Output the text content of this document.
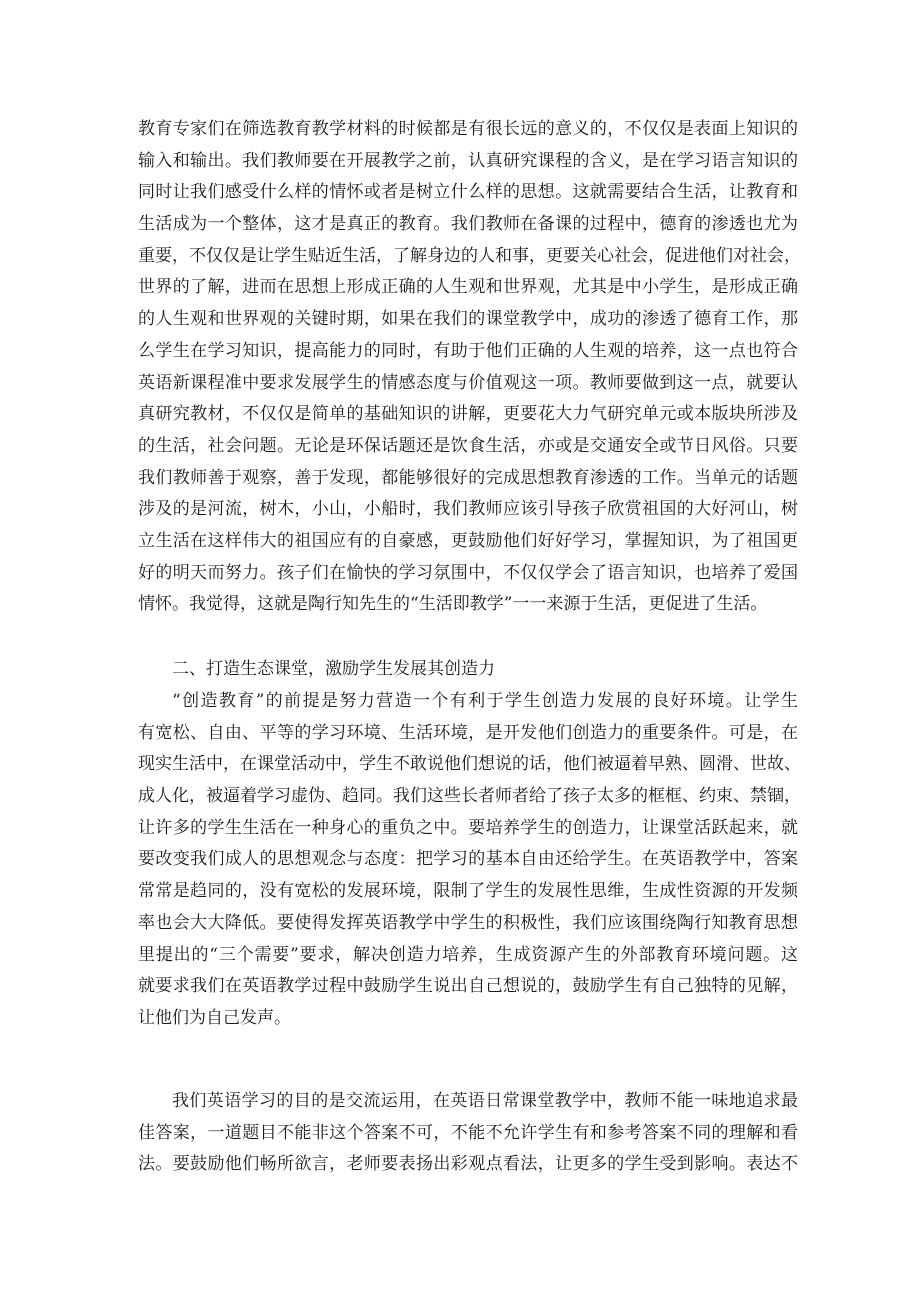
教育专家们在筛选教育教学材料的时候都是有很长远的意义的，不仅仅是表面上知识的
输入和输出。我们教师要在开展教学之前，认真研究课程的含义，是在学习语言知识的
同时让我们感受什么样的情怀或者是树立什么样的思想。这就需要结合生活，让教育和
生活成为一个整体，这才是真正的教育。我们教师在备课的过程中，德育的渗透也尤为
重要，不仅仅是让学生贴近生活，了解身边的人和事，更要关心社会，促进他们对社会，
世界的了解，进而在思想上形成正确的人生观和世界观，尤其是中小学生，是形成正确
的人生观和世界观的关键时期，如果在我们的课堂教学中，成功的渗透了德育工作，那
么学生在学习知识，提高能力的同时，有助于他们正确的人生观的培养，这一点也符合
英语新课程准中要求发展学生的情感态度与价值观这一项。教师要做到这一点，就要认
真研究教材，不仅仅是简单的基础知识的讲解，更要花大力气研究单元或本版块所涉及
的生活，社会问题。无论是环保话题还是饮食生活，亦或是交通安全或节日风俗。只要
我们教师善于观察，善于发现，都能够很好的完成思想教育渗透的工作。当单元的话题
涉及的是河流，树木，小山，小船时，我们教师应该引导孩子欣赏祖国的大好河山，树
立生活在这样伟大的祖国应有的自豪感，更鼓励他们好好学习，掌握知识，为了祖国更
好的明天而努力。孩子们在愉快的学习氛围中，不仅仅学会了语言知识，也培养了爱国
情怀。我觉得，这就是陶行知先生的“生活即教学”一一来源于生活，更促进了生活。
二、打造生态课堂，激励学生发展其创造力
“创造教育”的前提是努力营造一个有利于学生创造力发展的良好环境。让学生
有宽松、自由、平等的学习环境、生活环境，是开发他们创造力的重要条件。可是，在
现实生活中，在课堂活动中，学生不敢说他们想说的话，他们被逼着早熟、圆滑、世故、
成人化，被逼着学习虚伪、趋同。我们这些长者师者给了孩子太多的框框、约束、禁锢，
让许多的学生生活在一种身心的重负之中。要培养学生的创造力，让课堂活跃起来，就
要改变我们成人的思想观念与态度：把学习的基本自由还给学生。在英语教学中，答案
常常是趋同的，没有宽松的发展环境，限制了学生的发展性思维，生成性资源的开发频
率也会大大降低。要使得发挥英语教学中学生的积极性，我们应该围绕陶行知教育思想
里提出的“三个需要”要求，解决创造力培养，生成资源产生的外部教育环境问题。这
就要求我们在英语教学过程中鼓励学生说出自己想说的，鼓励学生有自己独特的见解，
让他们为自己发声。
我们英语学习的目的是交流运用，在英语日常课堂教学中，教师不能一味地追求最
佳答案，一道题目不能非这个答案不可，不能不允许学生有和参考答案不同的理解和看
法。要鼓励他们畅所欲言，老师要表扬出彩观点看法，让更多的学生受到影响。表达不
